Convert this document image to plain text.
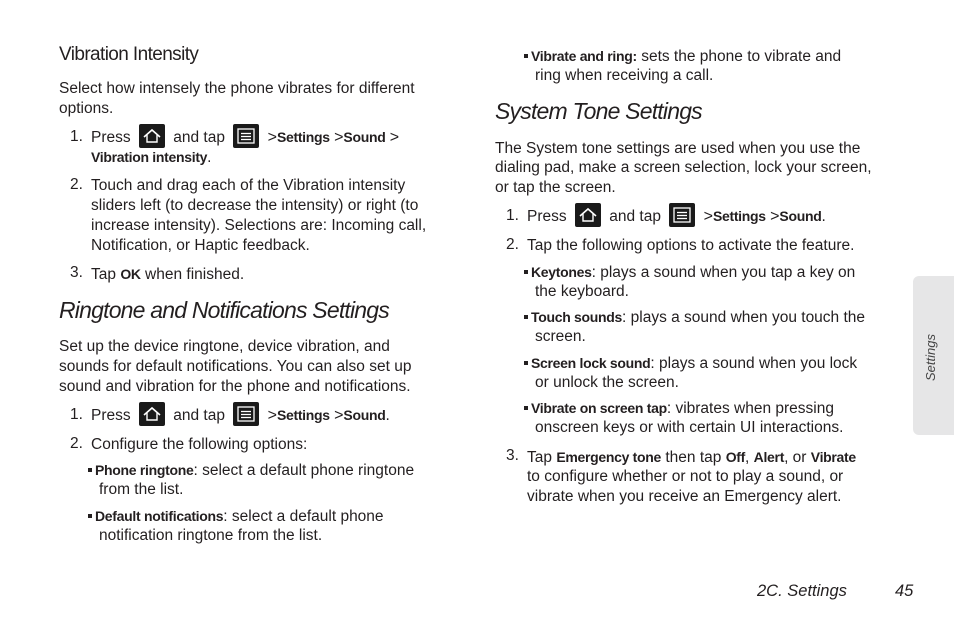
Vibration Intensity
Select how intensely the phone vibrates for different
options.
1. Press	and tap	>Settings >Sound >
Vibration intensity.
2. Touch and drag each of the Vibration intensity
sliders left (to decrease the intensity) or right (to
increase intensity). Selections are: Incoming call,
Notification, or Haptic feedback.
3. Tap OK when finished.
Ringtone and Notifications Settings
Set up the device ringtone, device vibration, and
sounds for default notifications. You can also set up
sound and vibration for the phone and notifications.
1. Press	and tap	>Settings >Sound.
2. Configure the following options:
Phone ringtone: select a default phone ringtone
from the list.
Default notifications: select a default phone
notification ringtone from the list.
Vibrate and ring: sets the phone to vibrate and
ring when receiving a call.
System Tone Settings
The System tone settings are used when you use the
dialing pad, make a screen selection, lock your screen,
or tap the screen.
1. Press	and tap	>Settings >Sound.
2. Tap the following options to activate the feature.
Keytones: plays a sound when you tap a key on
the keyboard.
Touch sounds: plays a sound when you touch the
screen.
Screen lock sound: plays a sound when you lock
or unlock the screen.
Vibrate on screen tap: vibrates when pressing
onscreen keys or with certain UI interactions.
3. Tap Emergency tone then tap Off, Alert, or Vibrate
to configure whether or not to play a sound, or
vibrate when you receive an Emergency alert.
Settings
2C. Settings	45
